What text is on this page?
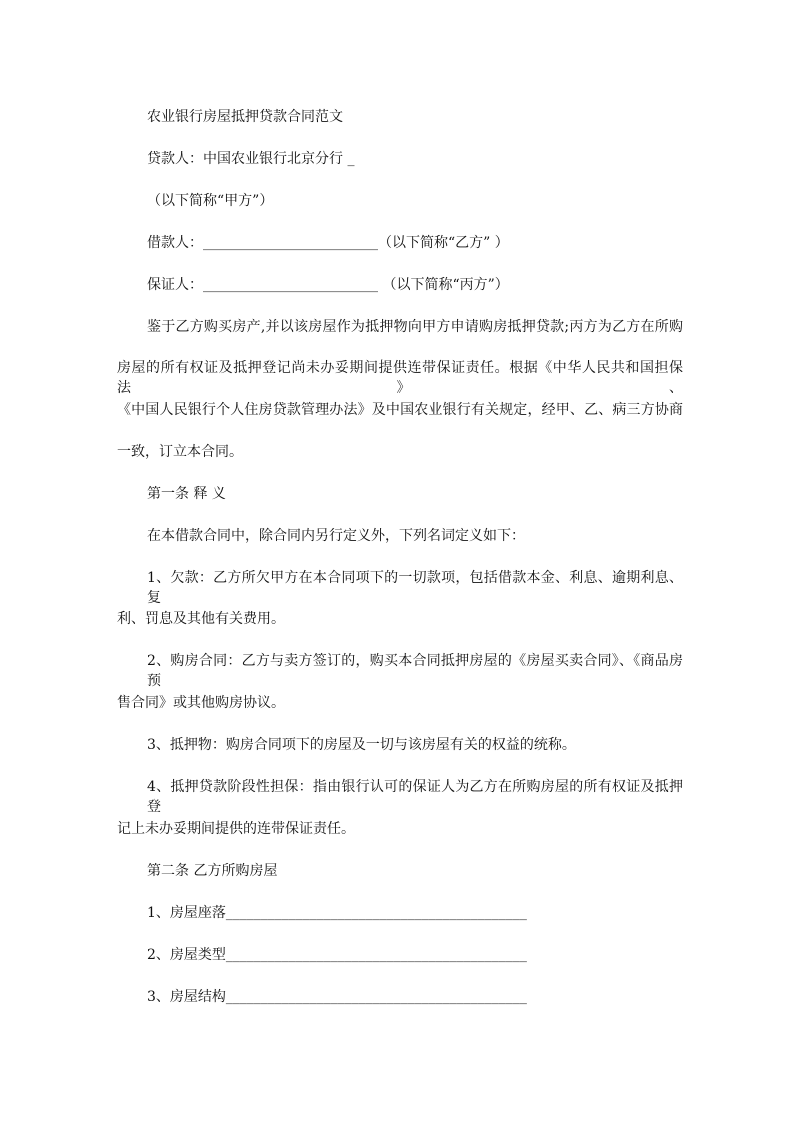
农业银行房屋抵押贷款合同范文
贷款人：中国农业银行北京分行 _
（以下简称“甲方”）
借款人：_________________________（以下简称“乙方” ）
保证人：_________________________ （以下简称“丙方”）
鉴于乙方购买房产,并以该房屋作为抵押物向甲方申请购房抵押贷款;丙方为乙方在所购
房屋的所有权证及抵押登记尚未办妥期间提供连带保证责任。根据《中华人民共和国担保法》、
《中国人民银行个人住房贷款管理办法》及中国农业银行有关规定，经甲、乙、病三方协商
一致，订立本合同。
第一条 释 义
在本借款合同中，除合同内另行定义外，下列名词定义如下：
1、欠款：乙方所欠甲方在本合同项下的一切款项，包括借款本金、利息、逾期利息、复
利、罚息及其他有关费用。
2、购房合同：乙方与卖方签订的，购买本合同抵押房屋的《房屋买卖合同》、《商品房预
售合同》或其他购房协议。
3、抵押物：购房合同项下的房屋及一切与该房屋有关的权益的统称。
4、抵押贷款阶段性担保：指由银行认可的保证人为乙方在所购房屋的所有权证及抵押登
记上未办妥期间提供的连带保证责任。
第二条 乙方所购房屋
1、房屋座落___________________________________________
2、房屋类型___________________________________________
3、房屋结构___________________________________________
